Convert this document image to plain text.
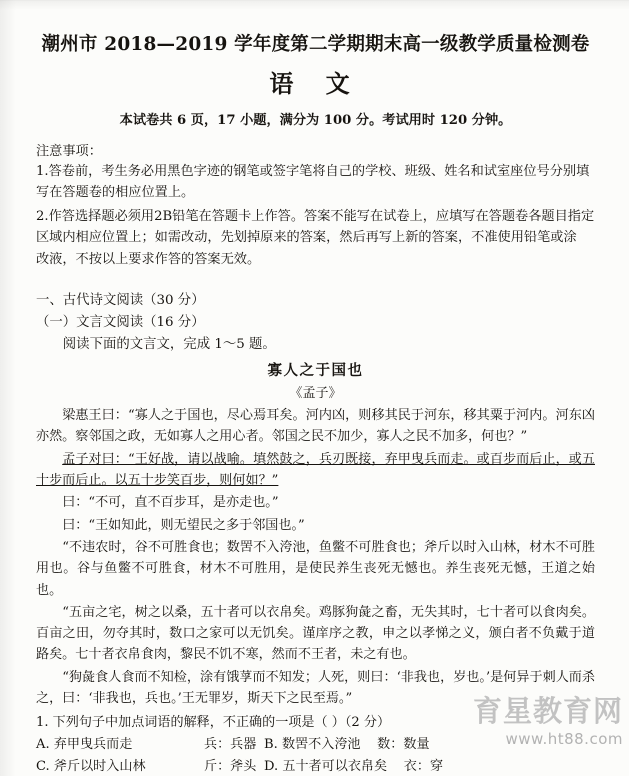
潮州市 2018—2019 学年度第二学期期末高一级教学质量检测卷
语 文
本试卷共 6 页，17 小题，满分为 100 分。考试用时 120 分钟。
注意事项：
1.答卷前，考生务必用黑色字迹的钢笔或签字笔将自己的学校、班级、姓名和试室座位号分别填
写在答题卷的相应位置上。
2.作答选择题必须用2B铅笔在答题卡上作答。答案不能写在试卷上，应填写在答题卷各题目指定
区域内相应位置上；如需改动，先划掉原来的答案，然后再写上新的答案，不准使用铅笔或涂
改液，不按以上要求作答的答案无效。
一、古代诗文阅读（30 分）
（一）文言文阅读（16 分）
阅读下面的文言文，完成 1～5 题。
寡人之于国也
《孟子》
梁惠王曰：“寡人之于国也，尽心焉耳矣。河内凶，则移其民于河东，移其粟于河内。河东凶亦然。察邻国之政，无如寡人之用心者。邻国之民不加少，寡人之民不加多，何也？”
孟子对曰：“王好战，请以战喻。填然鼓之，兵刃既接，弃甲曳兵而走。或百步而后止，或五十步而后止。以五十步笑百步，则何如？”
曰：“不可，直不百步耳，是亦走也。”
曰：“王如知此，则无望民之多于邻国也。”
“不违农时，谷不可胜食也；数罟不入洿池，鱼鳖不可胜食也；斧斤以时入山林，材木不可胜用也。谷与鱼鳖不可胜食，材木不可胜用，是使民养生丧死无憾也。养生丧死无憾，王道之始也。
“五亩之宅，树之以桑，五十者可以衣帛矣。鸡豚狗彘之畜，无失其时，七十者可以食肉矣。百亩之田，勿夺其时，数口之家可以无饥矣。谨庠序之教，申之以孝悌之义，颁白者不负戴于道路矣。七十者衣帛食肉，黎民不饥不寒，然而不王者，未之有也。
“狗彘食人食而不知检，涂有饿莩而不知发；人死，则曰：‘非我也，岁也。’是何异于刺人而杀之，曰：‘非我也，兵也。’王无罪岁，斯天下之民至焉。”
1. 下列句子中加点词语的解释，不正确的一项是（ ）（2 分）	育星教育网
www.ht88.com
A. 弃甲曳兵而走	兵：兵器 B. 数罟不入洿池    数：数量
C. 斧斤以时入山林	斤：斧头 D. 五十者可以衣帛矣    衣：穿
